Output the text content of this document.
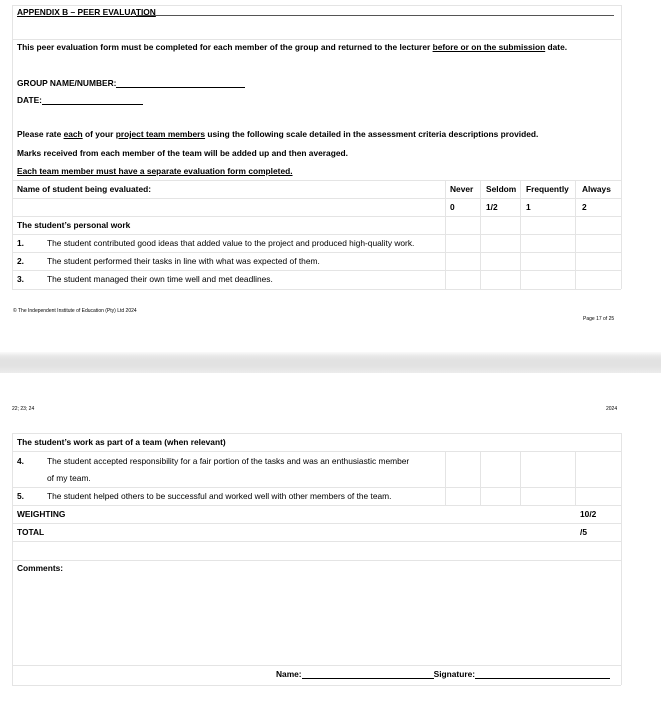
APPENDIX B – PEER EVALUATION
This peer evaluation form must be completed for each member of the group and returned to the lecturer before or on the submission date.
GROUP NAME/NUMBER:
DATE:
Please rate each of your project team members using the following scale detailed in the assessment criteria descriptions provided.
Marks received from each member of the team will be added up and then averaged.
Each team member must have a separate evaluation form completed.
Name of student being evaluated:	Never Seldom Frequently Always
0	1/2	1	2
The student’s personal work
1.	The student contributed good ideas that added value to the project and produced high-quality work.
2.	The student performed their tasks in line with what was expected of them.
3.	The student managed their own time well and met deadlines.
© The Independent Institute of Education (Pty) Ltd 2024
Page 17 of 25
22; 23; 24	2024
The student’s work as part of a team (when relevant)
4.	The student accepted responsibility for a fair portion of the tasks and was an enthusiastic member
of my team.
5.	The student helped others to be successful and worked well with other members of the team.
WEIGHTING	10/2
TOTAL	/5
Comments:
Name:	Signature:
